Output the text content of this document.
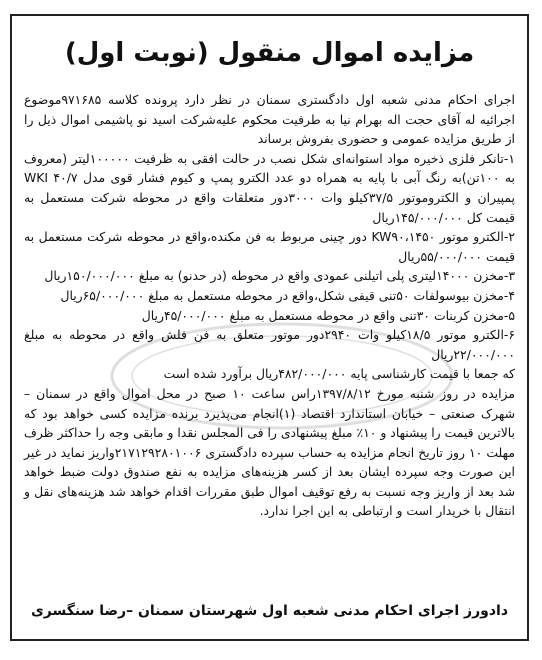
مزایده اموال منقول (نوبت اول)

اجرای احکام مدنی شعبه اول دادگستری سمنان در نظر دارد پرونده کلاسه ۹۷۱۶۸۵موضوع اجرائیه له آقای حجت اله بهرام نیا به طرفیت محکوم علیه‌شرکت اسید نو پاشیمی اموال ذیل را از طریق مزایده عمومی و حضوری بفروش برساند

۱-تانکر فلزی ذخیره مواد استوانه‌ای شکل نصب در حالت افقی به ظرفیت ۱۰۰۰۰۰لیتر (معروف به ۱۰۰تن)به رنگ آبی با پایه به همراه دو عدد الکترو پمپ و کیوم فشار قوی مدل WKI ۴۰/۷ پمپیران و الکتروموتور ۳۷/۵کیلو وات ۳۰۰۰دور متعلقات واقع در محوطه شرکت مستعمل به قیمت کل ۱۴۵/۰۰۰/۰۰۰ریال

۲-الکترو موتور KW۹۰،۱۴۵۰ دور چینی مربوط به فن مکنده،واقع در محوطه شرکت مستعمل به قیمت ۵۵/۰۰۰/۰۰۰ریال

۳-مخزن ۱۴۰۰۰لیتری پلی اتیلنی عمودی واقع در محوطه (در حدنو) به مبلغ ۱۵۰/۰۰۰/۰۰۰ریال

۴-مخزن بیوسولفات ۵۰تنی قیفی شکل،واقع در محوطه مستعمل به مبلغ ۶۵/۰۰۰/۰۰۰ریال

۵-مخزن کربنات ۳۰تنی واقع در محوطه مستعمل به مبلغ ۴۵/۰۰۰/۰۰۰ریال

۶-الکترو موتور ۱۸/۵کیلو وات ۲۹۴۰دور موتور متعلق به فن فلش واقع در محوطه به مبلغ ۲۲/۰۰۰/۰۰۰ریال

که جمعا با قیمت کارشناسی پایه ۴۸۲/۰۰۰/۰۰۰ریال برآورد شده است

مزایده در روز شنبه مورخ ۱۳۹۷/۸/۱۲راس ساعت ۱۰ صبح در محل اموال واقع در سمنان –شهرک صنعتی – خیابان استاندارد اقتصاد (۱)انجام می‌پذیرد برنده مزایده کسی خواهد بود که بالاترین قیمت را پیشنهاد و ۱۰٪ مبلغ پیشنهادی را فی المجلس نقدا و مابقی وجه را حداکثر ظرف مهلت ۱۰ روز تاریخ انجام مزایده به حساب سپرده دادگستری ۲۱۷۱۲۹۲۸۰۱۰۰۶واریز نماید در غیر این صورت وجه سپرده ایشان بعد از کسر هزینه‌های مزایده به نفع صندوق دولت ضبط خواهد شد بعد از واریز وجه نسبت به رفع توقیف اموال طبق مقررات اقدام خواهد شد هزینه‌های نقل و انتقال با خریدار است و ارتباطی به این اجرا ندارد.

دادورز اجرای احکام مدنی شعبه اول شهرستان سمنان –رضا سنگسری
